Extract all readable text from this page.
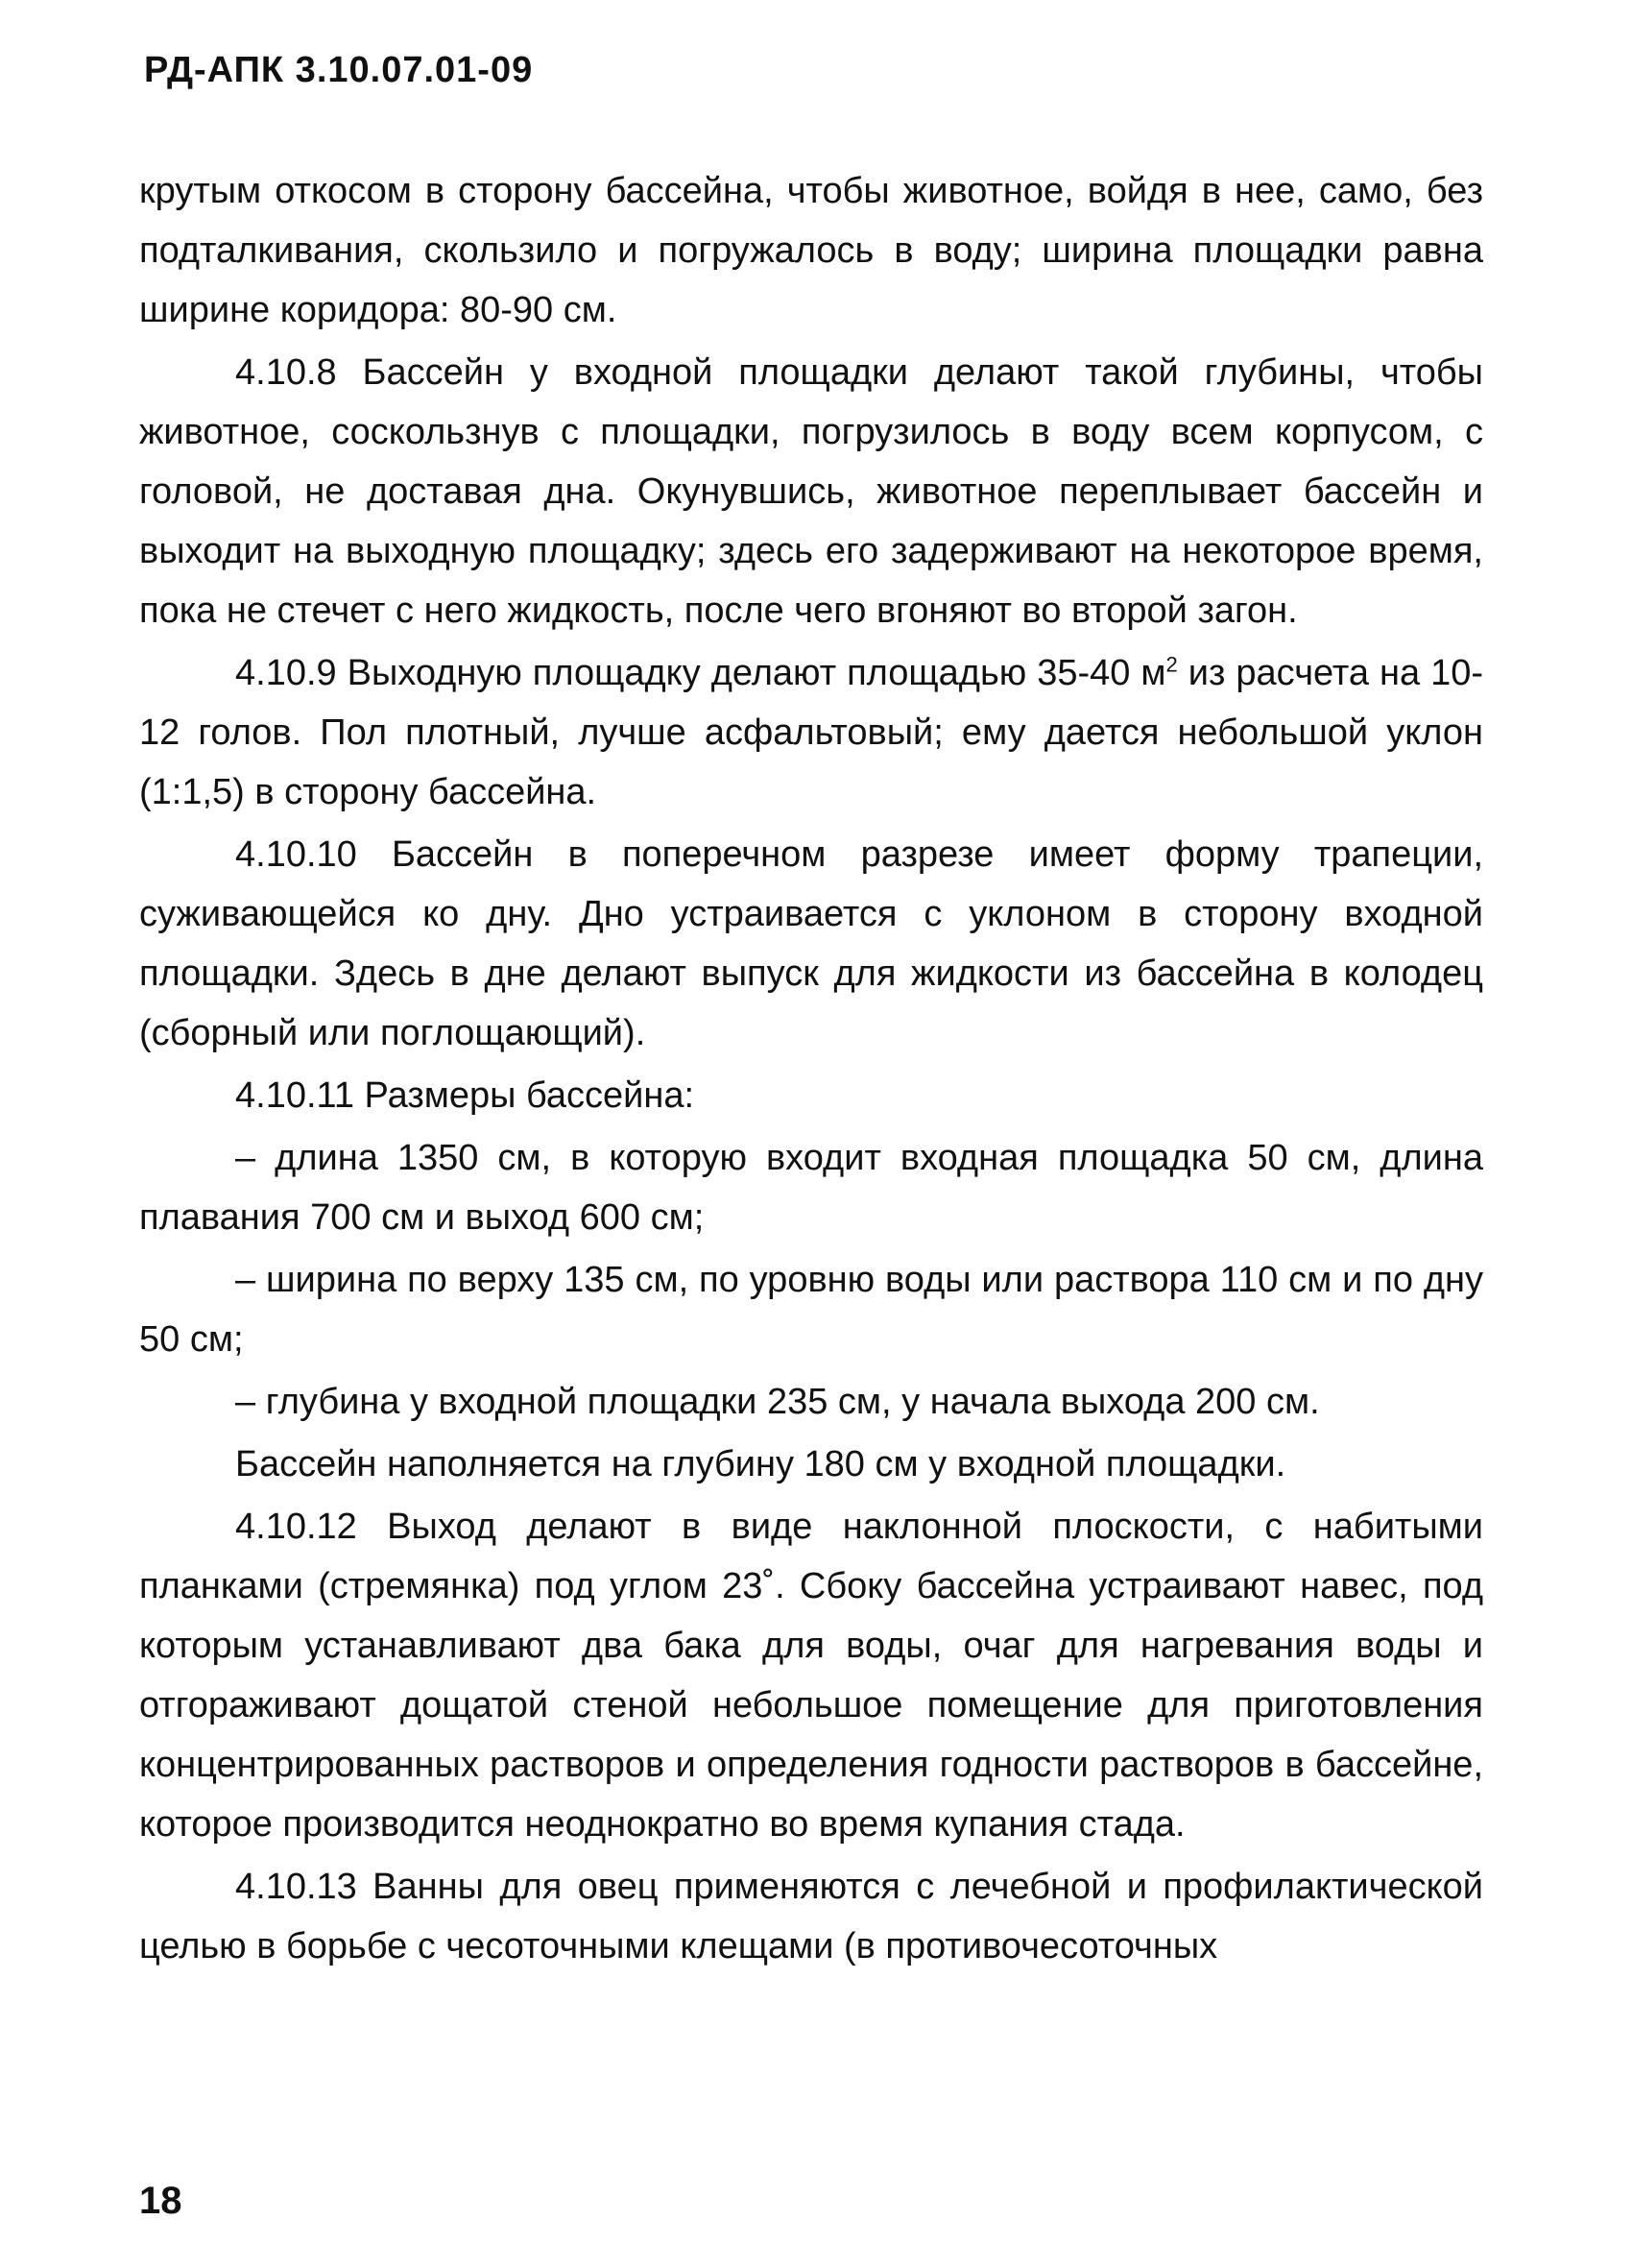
РД-АПК 3.10.07.01-09

крутым откосом в сторону бассейна, чтобы животное, войдя в нее, само, без подталкивания, скользило и погружалось в воду; ширина площадки равна ширине коридора: 80-90 см.

4.10.8 Бассейн у входной площадки делают такой глубины, чтобы животное, соскользнув с площадки, погрузилось в воду всем корпусом, с головой, не доставая дна. Окунувшись, животное переплывает бассейн и выходит на выходную площадку; здесь его задерживают на некоторое время, пока не стечет с него жидкость, после чего вгоняют во второй загон.

4.10.9 Выходную площадку делают площадью 35-40 $м^2$ из расчета на 10-12 голов. Пол плотный, лучше асфальтовый; ему дается небольшой уклон (1:1,5) в сторону бассейна.

4.10.10 Бассейн в поперечном разрезе имеет форму трапеции, суживающейся ко дну. Дно устраивается с уклоном в сторону входной площадки. Здесь в дне делают выпуск для жидкости из бассейна в колодец (сборный или поглощающий).

4.10.11 Размеры бассейна:

– длина 1350 см, в которую входит входная площадка 50 см, длина плавания 700 см и выход 600 см;

– ширина по верху 135 см, по уровню воды или раствора 110 см и по дну 50 см;

– глубина у входной площадки 235 см, у начала выхода 200 см.

Бассейн наполняется на глубину 180 см у входной площадки.

4.10.12 Выход делают в виде наклонной плоскости, с набитыми планками (стремянка) под углом 23˚. Сбоку бассейна устраивают навес, под которым устанавливают два бака для воды, очаг для нагревания воды и отгораживают дощатой стеной небольшое помещение для приготовления концентрированных растворов и определения годности растворов в бассейне, которое производится неоднократно во время купания стада.

4.10.13 Ванны для овец применяются с лечебной и профилактической целью в борьбе с чесоточными клещами (в противочесоточных

18
